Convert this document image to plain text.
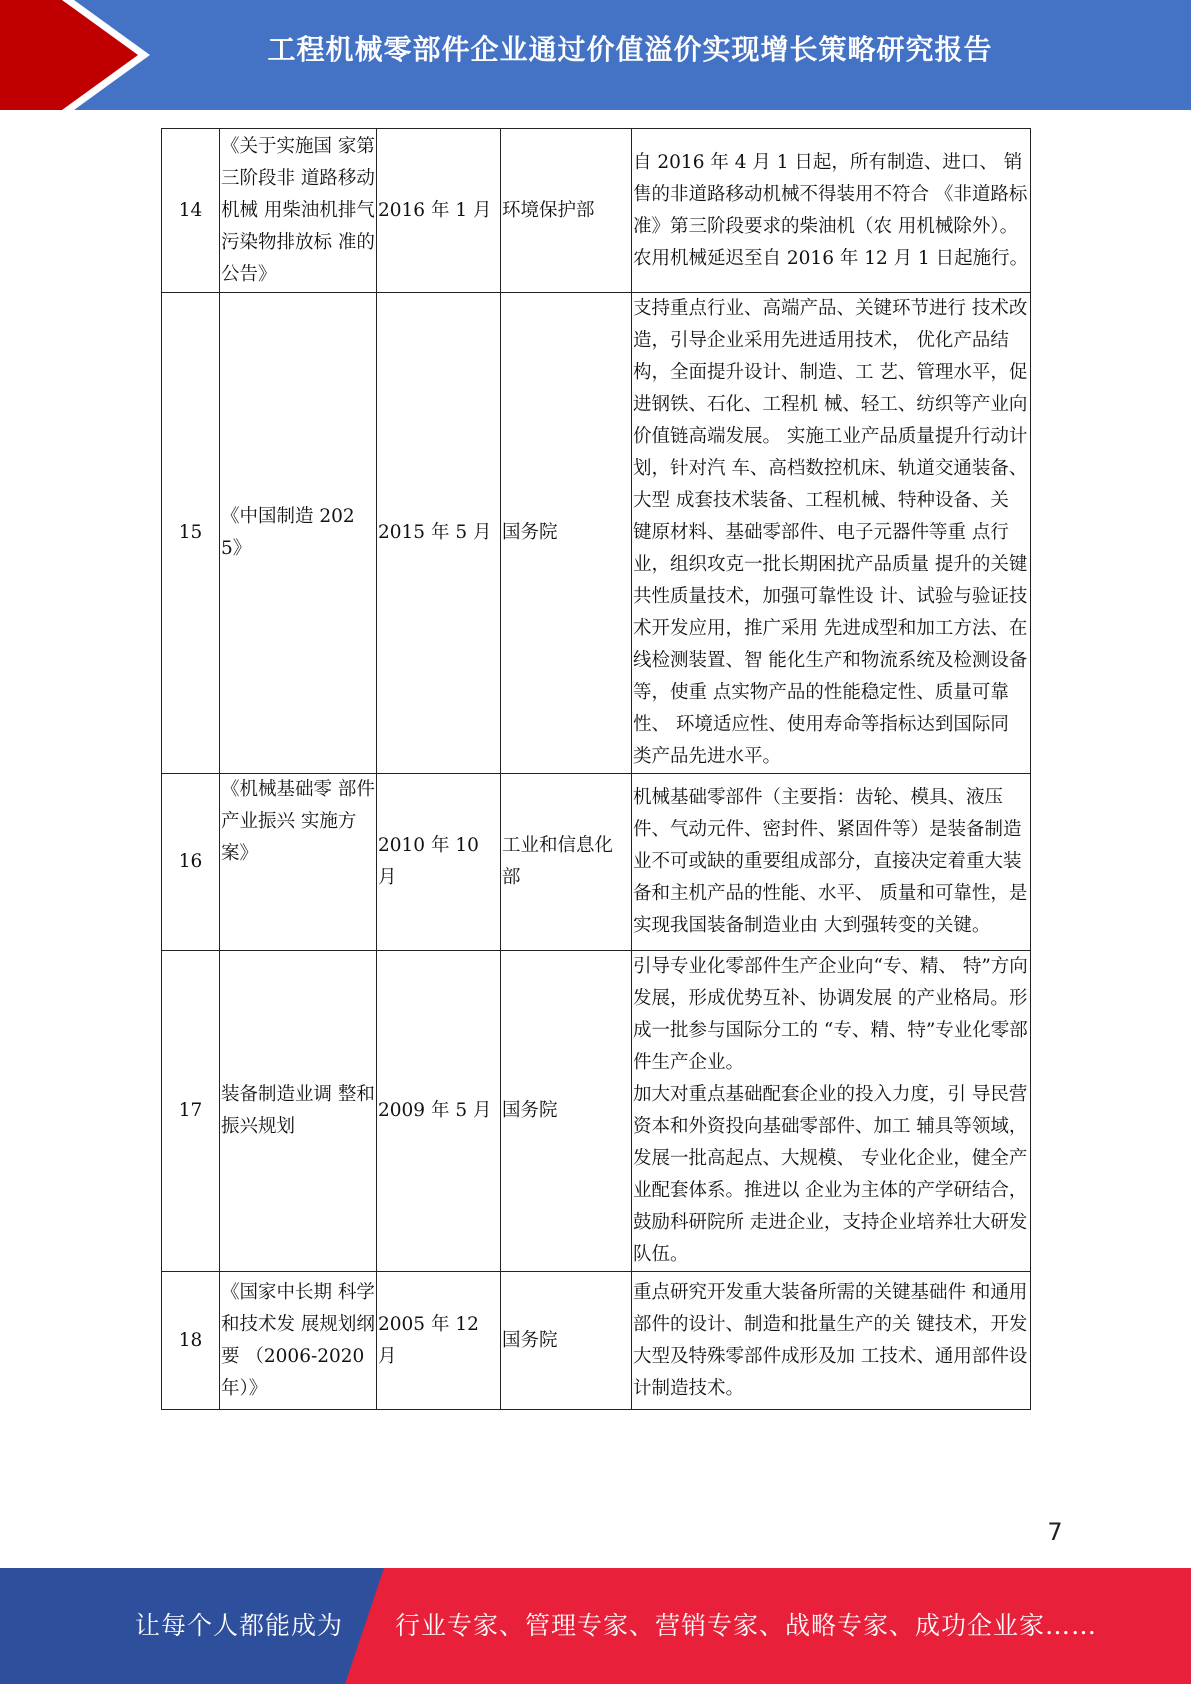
工程机械零部件企业通过价值溢价实现增长策略研究报告
14	《关于实施国 家第三阶段非 道路移动机械 用柴油机排气 污染物排放标 准的公告》	2016 年 1 月	环境保护部	自 2016 年 4 月 1 日起，所有制造、进口、 销售的非道路移动机械不得装用不符合 《非道路标准》第三阶段要求的柴油机（农 用机械除外）。农用机械延迟至自 2016 年 12 月 1 日起施行。
15	《中国制造 2025》	2015 年 5 月	国务院	支持重点行业、高端产品、关键环节进行 技术改造，引导企业采用先进适用技术， 优化产品结构，全面提升设计、制造、工 艺、管理水平，促进钢铁、石化、工程机 械、轻工、纺织等产业向价值链高端发展。 实施工业产品质量提升行动计划，针对汽 车、高档数控机床、轨道交通装备、大型 成套技术装备、工程机械、特种设备、关 键原材料、基础零部件、电子元器件等重 点行业，组织攻克一批长期困扰产品质量 提升的关键共性质量技术，加强可靠性设 计、试验与验证技术开发应用，推广采用 先进成型和加工方法、在线检测装置、智 能化生产和物流系统及检测设备等，使重 点实物产品的性能稳定性、质量可靠性、 环境适应性、使用寿命等指标达到国际同 类产品先进水平。
16	《机械基础零 部件产业振兴 实施方案》	2010 年 10 月	工业和信息化部	机械基础零部件（主要指：齿轮、模具、液压件、气动元件、密封件、紧固件等）是装备制造业不可或缺的重要组成部分，直接决定着重大装备和主机产品的性能、水平、 质量和可靠性，是实现我国装备制造业由 大到强转变的关键。
17	装备制造业调 整和振兴规划	2009 年 5 月	国务院	引导专业化零部件生产企业向“专、精、 特”方向发展，形成优势互补、协调发展 的产业格局。形成一批参与国际分工的 “专、精、特”专业化零部件生产企业。
加大对重点基础配套企业的投入力度，引 导民营资本和外资投向基础零部件、加工 辅具等领域，发展一批高起点、大规模、 专业化企业，健全产业配套体系。推进以 企业为主体的产学研结合，鼓励科研院所 走进企业，支持企业培养壮大研发队伍。

18	《国家中长期 科学和技术发 展规划纲要 （2006-2020 年）》	2005 年 12 月	国务院	重点研究开发重大装备所需的关键基础件 和通用部件的设计、制造和批量生产的关 键技术，开发大型及特殊零部件成形及加 工技术、通用部件设计制造技术。
7
让每个人都能成为	行业专家、管理专家、营销专家、战略专家、成功企业家……
